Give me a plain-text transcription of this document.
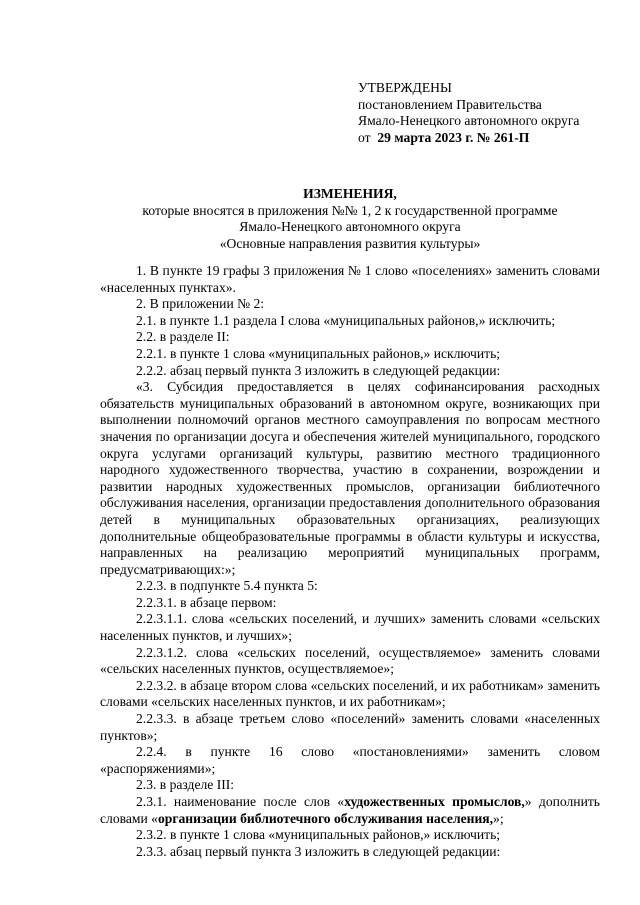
УТВЕРЖДЕНЫ

постановлением Правительства

Ямало-Ненецкого автономного округа

от 29 марта 2023 г. № 261-П

ИЗМЕНЕНИЯ,

которые вносятся в приложения №№ 1, 2 к государственной программе

Ямало-Ненецкого автономного округа

«Основные направления развития культуры»

1. В пункте 19 графы 3 приложения № 1 слово «поселениях» заменить словами «населенных пунктах».

2. В приложении № 2:

2.1. в пункте 1.1 раздела I слова «муниципальных районов,» исключить;

2.2. в разделе II:

2.2.1. в пункте 1 слова «муниципальных районов,» исключить;

2.2.2. абзац первый пункта 3 изложить в следующей редакции:

«3. Субсидия предоставляется в целях софинансирования расходных обязательств муниципальных образований в автономном округе, возникающих при выполнении полномочий органов местного самоуправления по вопросам местного значения по организации досуга и обеспечения жителей муниципального, городского округа услугами организаций культуры, развитию местного традиционного народного художественного творчества, участию в сохранении, возрождении и развитии народных художественных промыслов, организации библиотечного обслуживания населения, организации предоставления дополнительного образования детей в муниципальных образовательных организациях, реализующих дополнительные общеобразовательные программы в области культуры и искусства, направленных на реализацию мероприятий муниципальных программ, предусматривающих:»;

2.2.3. в подпункте 5.4 пункта 5:

2.2.3.1. в абзаце первом:

2.2.3.1.1. слова «сельских поселений, и лучших» заменить словами «сельских населенных пунктов, и лучших»;

2.2.3.1.2. слова «сельских поселений, осуществляемое» заменить словами «сельских населенных пунктов, осуществляемое»;

2.2.3.2. в абзаце втором слова «сельских поселений, и их работникам» заменить словами «сельских населенных пунктов, и их работникам»;

2.2.3.3. в абзаце третьем слово «поселений» заменить словами «населенных пунктов»;

2.2.4. в пункте 16 слово «постановлениями» заменить словом «распоряжениями»;

2.3. в разделе III:

2.3.1. наименование после слов «художественных промыслов,» дополнить словами «организации библиотечного обслуживания населения,»;

2.3.2. в пункте 1 слова «муниципальных районов,» исключить;

2.3.3. абзац первый пункта 3 изложить в следующей редакции:
